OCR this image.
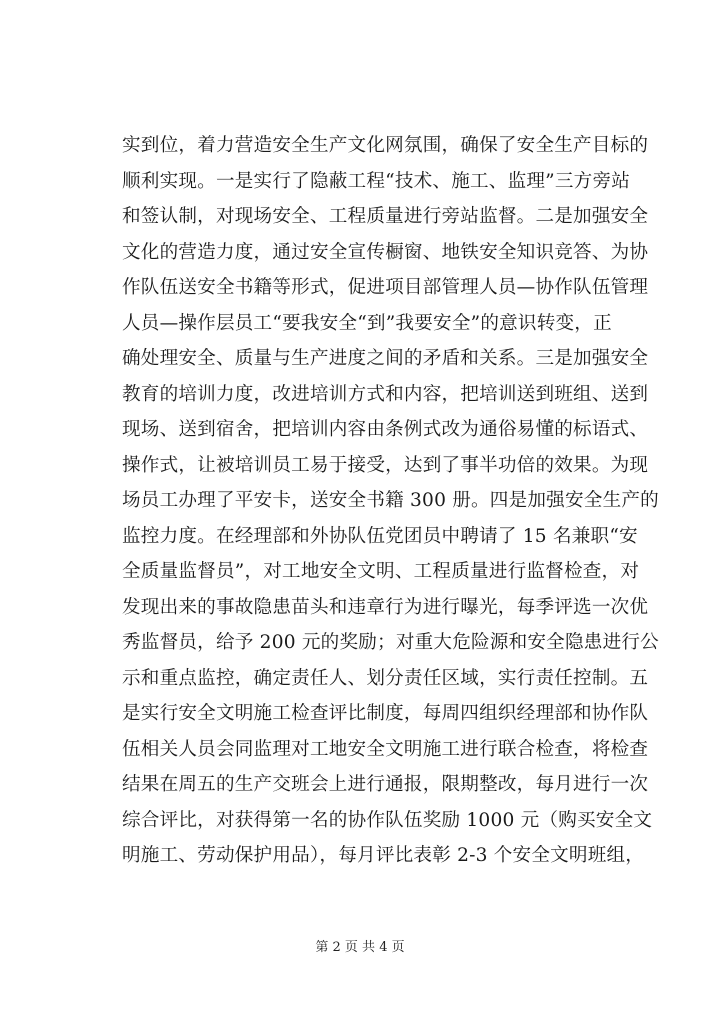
实到位，着力营造安全生产文化网氛围，确保了安全生产目标的
顺利实现。一是实行了隐蔽工程“技术、施工、监理”三方旁站
和签认制，对现场安全、工程质量进行旁站监督。二是加强安全
文化的营造力度，通过安全宣传橱窗、地铁安全知识竞答、为协
作队伍送安全书籍等形式，促进项目部管理人员—协作队伍管理
人员—操作层员工“要我安全“到”我要安全”的意识转变，正
确处理安全、质量与生产进度之间的矛盾和关系。三是加强安全
教育的培训力度，改进培训方式和内容，把培训送到班组、送到
现场、送到宿舍，把培训内容由条例式改为通俗易懂的标语式、
操作式，让被培训员工易于接受，达到了事半功倍的效果。为现
场员工办理了平安卡，送安全书籍 300 册。四是加强安全生产的
监控力度。在经理部和外协队伍党团员中聘请了 15 名兼职“安
全质量监督员”，对工地安全文明、工程质量进行监督检查，对
发现出来的事故隐患苗头和违章行为进行曝光，每季评选一次优
秀监督员，给予 200 元的奖励；对重大危险源和安全隐患进行公
示和重点监控，确定责任人、划分责任区域，实行责任控制。五
是实行安全文明施工检查评比制度，每周四组织经理部和协作队
伍相关人员会同监理对工地安全文明施工进行联合检查，将检查
结果在周五的生产交班会上进行通报，限期整改，每月进行一次
综合评比，对获得第一名的协作队伍奖励 1000 元（购买安全文
明施工、劳动保护用品），每月评比表彰 2-3 个安全文明班组，
第 2 页 共 4 页
